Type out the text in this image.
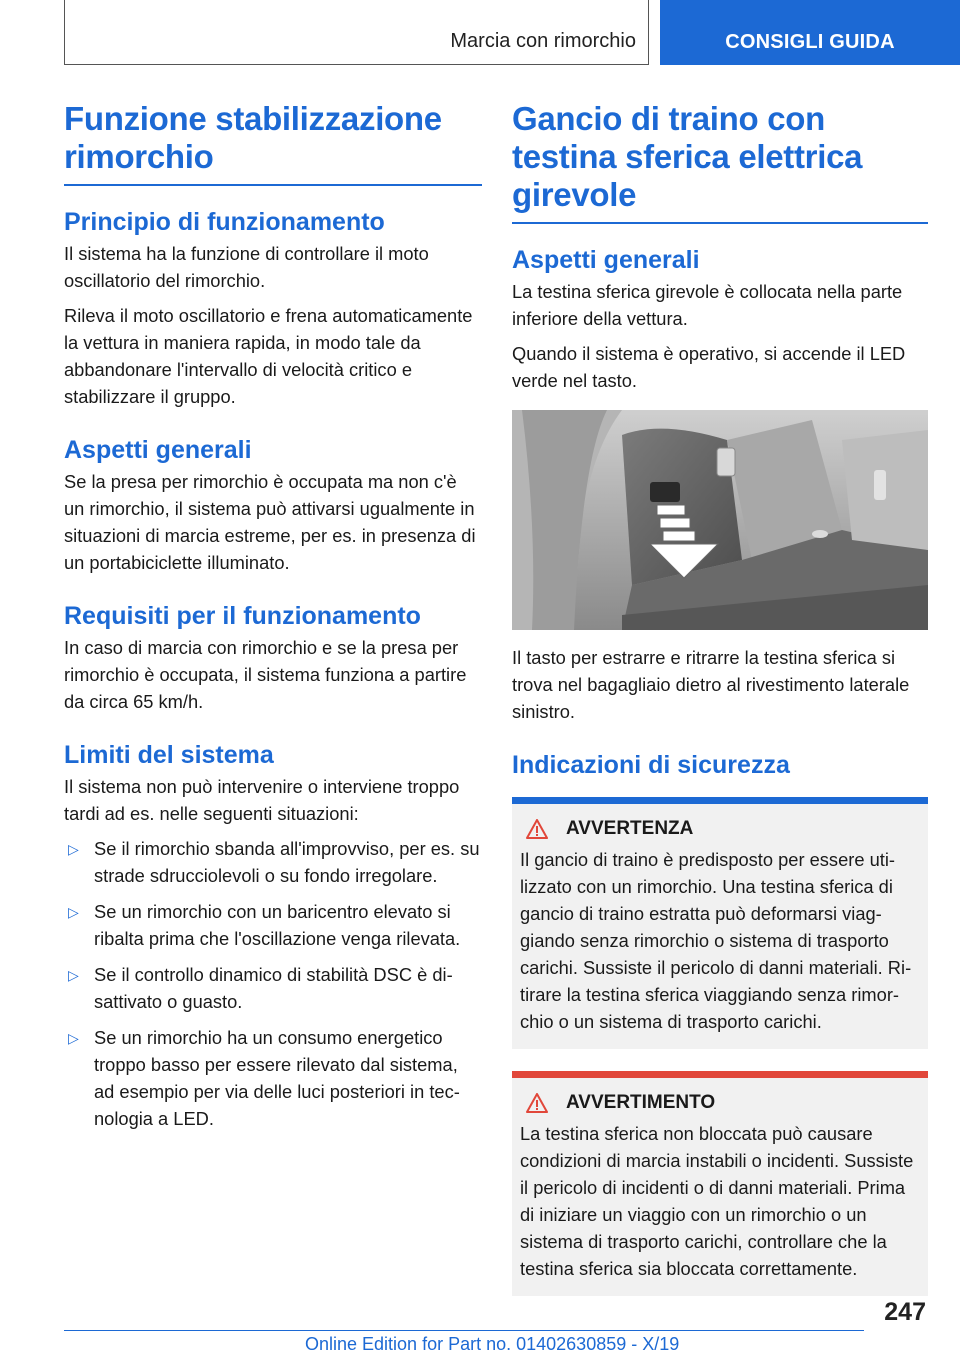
Marcia con rimorchio	CONSIGLI GUIDA
Funzione stabilizzazione rimorchio
Principio di funzionamento

Il sistema ha la funzione di controllare il moto oscillatorio del rimorchio.

Rileva il moto oscillatorio e frena automaticamente la vettura in maniera rapida, in modo tale da abbandonare l'intervallo di velocità critico e stabilizzare il gruppo.

Aspetti generali

Se la presa per rimorchio è occupata ma non c'è un rimorchio, il sistema può attivarsi ugualmente in situazioni di marcia estreme, per es. in presenza di un portabiciclette illuminato.

Requisiti per il funzionamento

In caso di marcia con rimorchio e se la presa per rimorchio è occupata, il sistema funziona a partire da circa 65 km/h.

Limiti del sistema

Il sistema non può intervenire o interviene troppo tardi ad es. nelle seguenti situazioni:

▷ Se il rimorchio sbanda all'improvviso, per es. su strade sdrucciolevoli o su fondo irregolare.
▷ Se un rimorchio con un baricentro elevato si ribalta prima che l'oscillazione venga rilevata.
▷ Se il controllo dinamico di stabilità DSC è disattivato o guasto.
▷ Se un rimorchio ha un consumo energetico troppo basso per essere rilevato dal sistema, ad esempio per via delle luci posteriori in tecnologia a LED.
Gancio di traino con testina sferica elettrica girevole
Aspetti generali

La testina sferica girevole è collocata nella parte inferiore della vettura.

Quando il sistema è operativo, si accende il LED verde nel tasto.

Il tasto per estrarre e ritrarre la testina sferica si trova nel bagagliaio dietro al rivestimento laterale sinistro.

Indicazioni di sicurezza
AVVERTENZA

Il gancio di traino è predisposto per essere utilizzato con un rimorchio. Una testina sferica di gancio di traino estratta può deformarsi viaggiando senza rimorchio o sistema di trasporto carichi. Sussiste il pericolo di danni materiali. Ritirare la testina sferica viaggiando senza rimorchio o un sistema di trasporto carichi.

AVVERTIMENTO

La testina sferica non bloccata può causare condizioni di marcia instabili o incidenti. Sussiste il pericolo di incidenti o di danni materiali. Prima di iniziare un viaggio con un rimorchio o un sistema di trasporto carichi, controllare che la testina sferica sia bloccata correttamente.

247
Online Edition for Part no. 01402630859 - X/19
